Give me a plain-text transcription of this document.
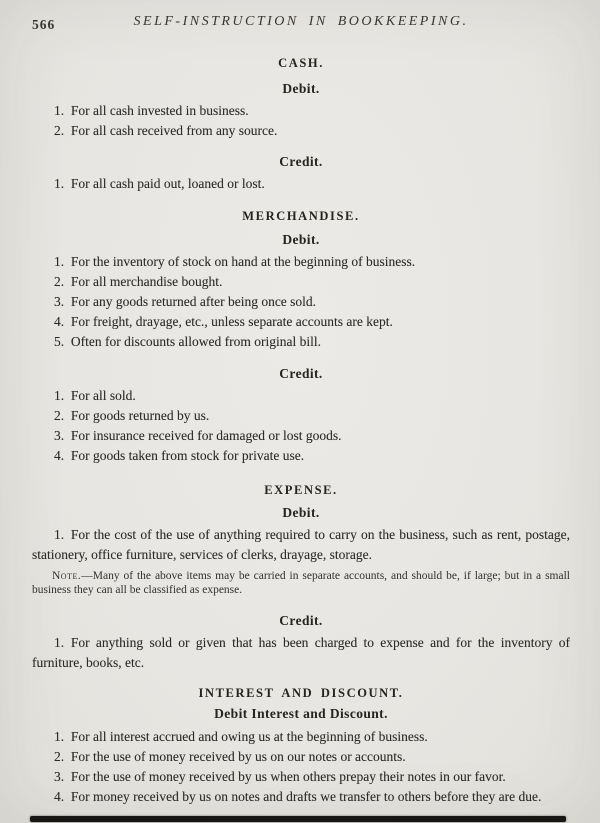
566	SELF-INSTRUCTION IN BOOKKEEPING.
CASH.
Debit.

1. For all cash invested in business.

2. For all cash received from any source.

Credit.

1. For all cash paid out, loaned or lost.

MERCHANDISE.
Debit.

1. For the inventory of stock on hand at the beginning of business.

2. For all merchandise bought.

3. For any goods returned after being once sold.

4. For freight, drayage, etc., unless separate accounts are kept.

5. Often for discounts allowed from original bill.

Credit.

1. For all sold.

2. For goods returned by us.

3. For insurance received for damaged or lost goods.

4. For goods taken from stock for private use.

EXPENSE.
Debit.

1. For the cost of the use of anything required to carry on the business, such as rent, postage, stationery, office furniture, services of clerks, drayage, storage.

Note.—Many of the above items may be carried in separate accounts, and should be, if large; but in a small business they can all be classified as expense.

Credit.

1. For anything sold or given that has been charged to expense and for the inventory of furniture, books, etc.

INTEREST AND DISCOUNT.
Debit Interest and Discount.

1. For all interest accrued and owing us at the beginning of business.

2. For the use of money received by us on our notes or accounts.

3. For the use of money received by us when others prepay their notes in our favor.

4. For money received by us on notes and drafts we transfer to others before they are due.
